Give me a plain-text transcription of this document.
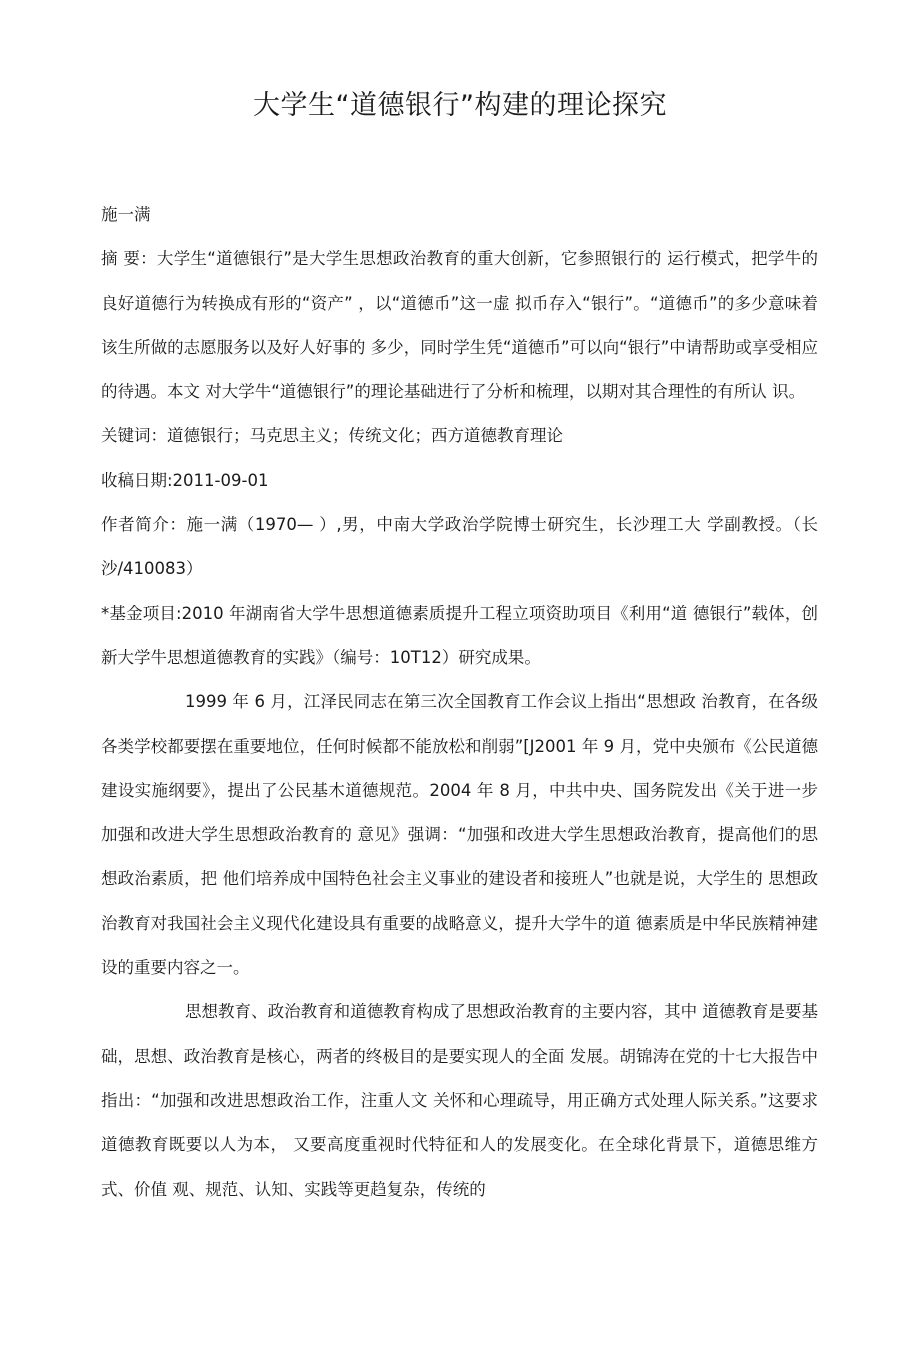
大学生“道德银行”构建的理论探究

施一满

摘 要：大学生“道德银行”是大学生思想政治教育的重大创新，它参照银行的 运行模式，把学牛的良好道德行为转换成有形的“资产” ，以“道德币”这一虚 拟币存入“银行”。“道德币”的多少意味着该生所做的志愿服务以及好人好事的 多少，同时学生凭“道德币”可以向“银行”中请帮助或享受相应的待遇。本文 对大学牛“道德银行”的理论基础进行了分析和梳理，以期对其合理性的有所认 识。

关键词：道德银行；马克思主义；传统文化；西方道德教育理论

收稿日期:2011-09-01

作者简介：施一满（1970— ）,男，中南大学政治学院博士研究生，长沙理工大 学副教授。（长沙/410083）

*基金项目:2010 年湖南省大学牛思想道德素质提升工程立项资助项目《利用“道 德银行”载体，创新大学牛思想道德教育的实践》（编号：10T12）研究成果。

1999 年 6 月，江泽民同志在第三次全国教育工作会议上指出“思想政 治教育，在各级各类学校都要摆在重要地位，任何时候都不能放松和削弱”[J2001 年 9 月，党中央颁布《公民道德建设实施纲要》，提出了公民基木道德规范。2004 年 8 月，中共中央、国务院发出《关于进一步加强和改进大学生思想政治教育的 意见》强调：“加强和改进大学生思想政治教育，提高他们的思想政治素质，把 他们培养成中国特色社会主义事业的建设者和接班人”也就是说，大学生的 思想政治教育对我国社会主义现代化建设具有重要的战略意义，提升大学牛的道 德素质是中华民族精神建设的重要内容之一。

思想教育、政治教育和道德教育构成了思想政治教育的主要内容，其中 道德教育是要基础，思想、政治教育是核心，两者的终极目的是要实现人的全面 发展。胡锦涛在党的十七大报告中指出：“加强和改进思想政治工作，注重人文 关怀和心理疏导，用正确方式处理人际关系。”这要求道德教育既要以人为本， 又要高度重视时代特征和人的发展变化。在全球化背景下，道德思维方式、价值 观、规范、认知、实践等更趋复杂，传统的
